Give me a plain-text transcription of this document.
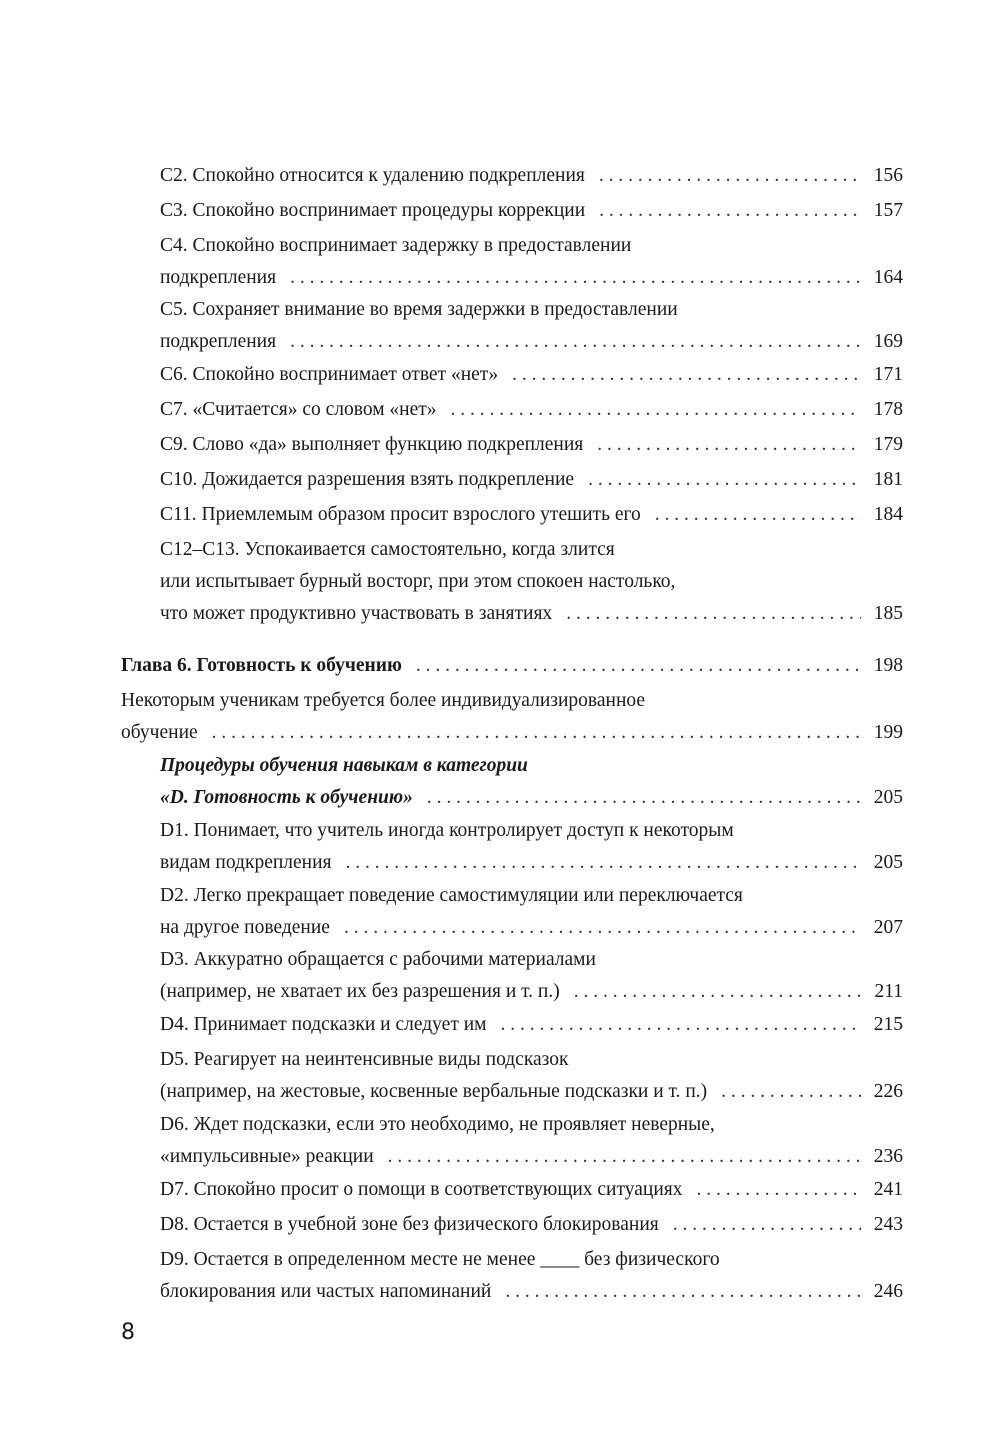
C2. Спокойно относится к удалению подкрепления . . .	156
C3. Спокойно воспринимает процедуры коррекции . . .	157
C4. Спокойно воспринимает задержку в предоставлении
подкрепления . . .	164
C5. Сохраняет внимание во время задержки в предоставлении
подкрепления . . .	169
C6. Спокойно воспринимает ответ «нет» . . .	171
C7. «Считается» со словом «нет» . . .	178
C9. Слово «да» выполняет функцию подкрепления . . .	179
C10. Дожидается разрешения взять подкрепление . . .	181
C11. Приемлемым образом просит взрослого утешить его . . .	184
C12–C13. Успокаивается самостоятельно, когда злится
или испытывает бурный восторг, при этом спокоен настолько,
что может продуктивно участвовать в занятиях . . .	185
Глава 6. Готовность к обучению . . .	198
Некоторым ученикам требуется более индивидуализированное
обучение . . .	199
Процедуры обучения навыкам в категории
«D. Готовность к обучению» . . .	205
D1. Понимает, что учитель иногда контролирует доступ к некоторым
видам подкрепления . . .	205
D2. Легко прекращает поведение самостимуляции или переключается
на другое поведение . . .	207
D3. Аккуратно обращается с рабочими материалами
(например, не хватает их без разрешения и т. п.) . . .	211
D4. Принимает подсказки и следует им . . .	215
D5. Реагирует на неинтенсивные виды подсказок
(например, на жестовые, косвенные вербальные подсказки и т. п.) . . .	226
D6. Ждет подсказки, если это необходимо, не проявляет неверные,
«импульсивные» реакции . . .	236
D7. Спокойно просит о помощи в соответствующих ситуациях . . .	241
D8. Остается в учебной зоне без физического блокирования . . .	243
D9. Остается в определенном месте не менее ____ без физического
блокирования или частых напоминаний . . .	246
8
